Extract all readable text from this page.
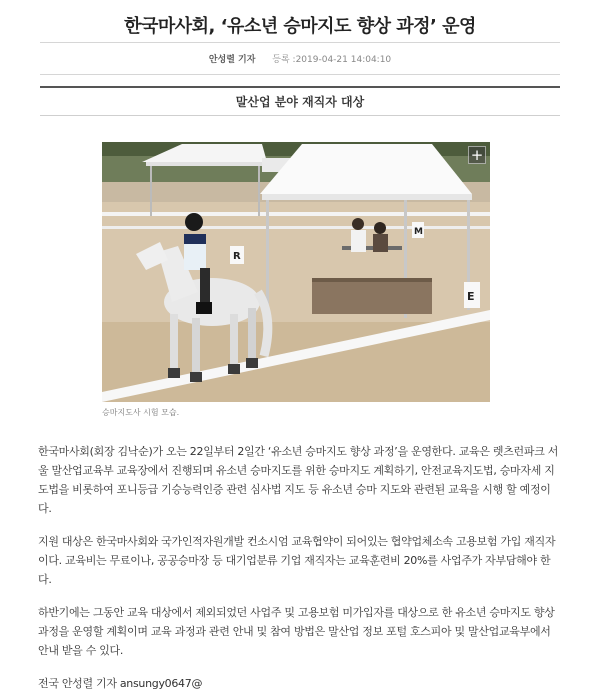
한국마사회, ‘유소년 승마지도 향상 과정’ 운영
안성렬 기자 등록 :2019-04-21 14:04:10
말산업 분야 재직자 대상
R
M
E
+
승마지도사 시험 모습.

한국마사회(회장 김낙순)가 오는 22일부터 2일간 ‘유소년 승마지도 향상 과정’을 운영한다. 교육은 렛츠런파크 서울 말산업교육부 교육장에서 진행되며 유소년 승마지도를 위한 승마지도 계획하기, 안전교육지도법, 승마자세 지도법을 비롯하여 포니등급 기승능력인증 관련 심사법 지도 등 유소년 승마 지도와 관련된 교육을 시행 할 예정이다.

지원 대상은 한국마사회와 국가인적자원개발 컨소시엄 교육협약이 되어있는 협약업체소속 고용보험 가입 재직자이다. 교육비는 무료이나, 공공승마장 등 대기업분류 기업 재직자는 교육훈련비 20%를 사업주가 자부담해야 한다.

하반기에는 그동안 교육 대상에서 제외되었던 사업주 및 고용보험 미가입자를 대상으로 한 유소년 승마지도 향상 과정을 운영할 계획이며 교육 과정과 관련 안내 및 참여 방법은 말산업 정보 포털 호스피아 및 말산업교육부에서 안내 받을 수 있다.

전국 안성렬 기자 ansungy0647@
